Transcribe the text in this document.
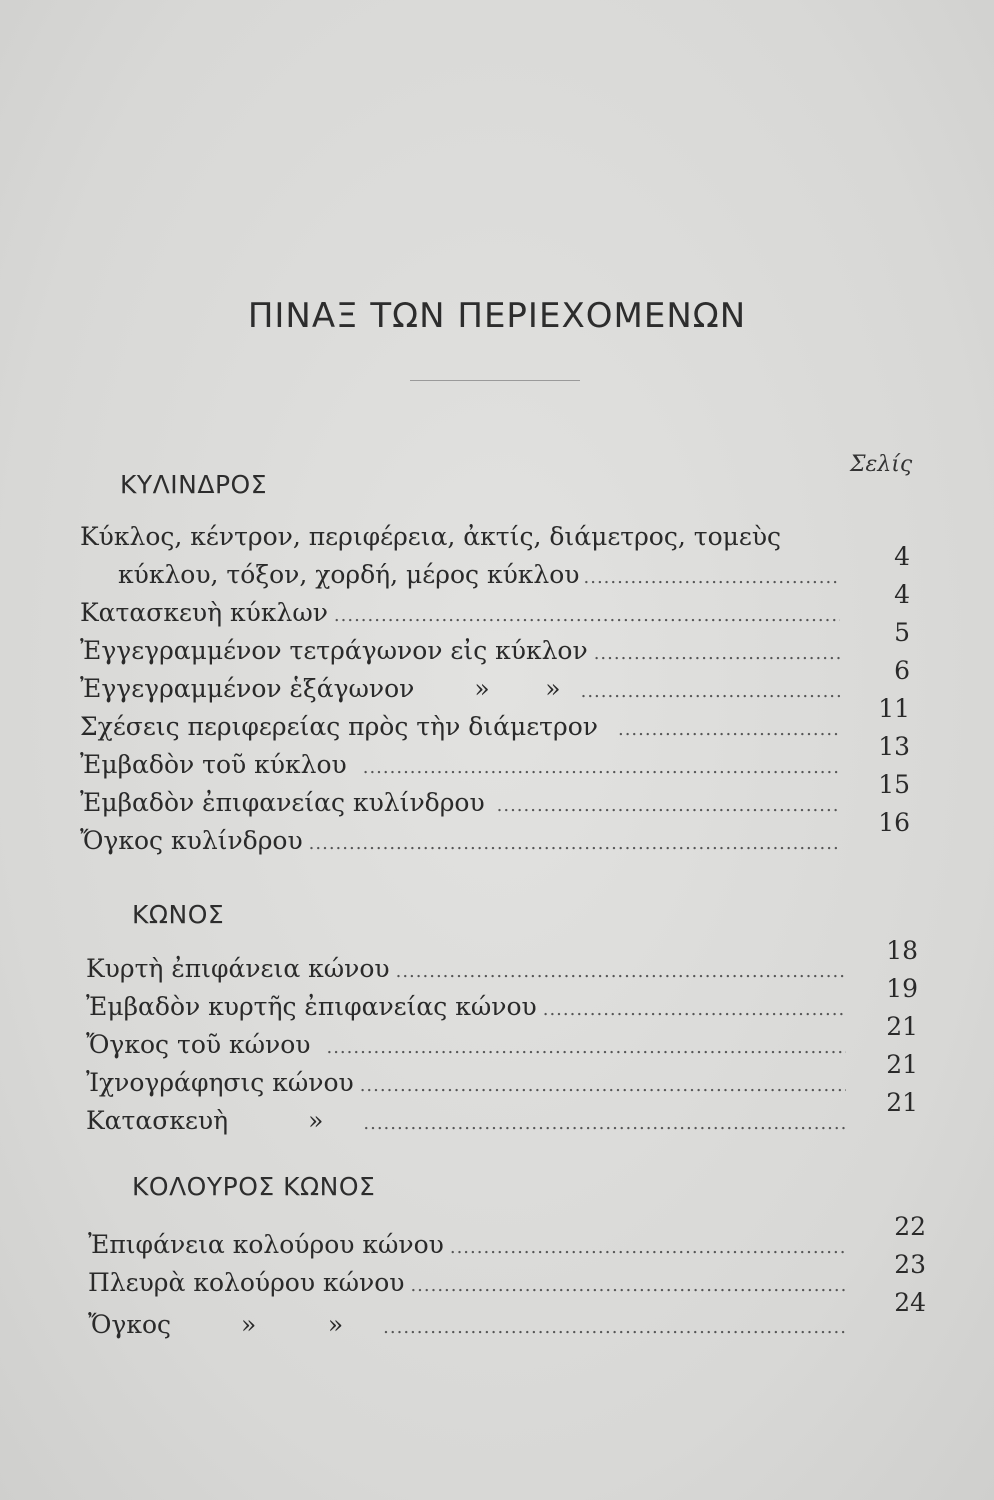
ΠΙΝΑΞ ΤΩΝ ΠΕΡΙΕΧΟΜΕΝΩΝ
Σελίς
ΚΥΛΙΝΔΡΟΣ
Κύκλος, κέντρον, περιφέρεια, ἀκτίς, διάμετρος, τομεὺς
κύκλου, τόξον, χορδή, μέρος κύκλου
.....
4
Κατασκευὴ κύκλων
.....
4
Ἐγγεγραμμένον τετράγωνον εἰς κύκλον
.....
5
Ἐγγεγραμμένον ἑξάγωνον »       »
.....
6
Σχέσεις περιφερείας πρὸς τὴν διάμετρον
.....
11
Ἐμβαδὸν τοῦ κύκλου
.....
13
Ἐμβαδὸν ἐπιφανείας κυλίνδρου
.....
15
Ὄγκος κυλίνδρου
.....
16
ΚΩΝΟΣ
Κυρτὴ ἐπιφάνεια κώνου
.....
18
Ἐμβαδὸν κυρτῆς ἐπιφανείας κώνου
.....
19
Ὄγκος τοῦ κώνου
.....
21
Ἰχνογράφησις κώνου
.....
21
Κατασκευὴ	»
.....
21
ΚΟΛΟΥΡΟΣ ΚΩΝΟΣ
Ἐπιφάνεια κολούρου κώνου
.....
22
Πλευρὰ κολούρου κώνου
.....
23
Ὄγκος	»         »
.....
24
